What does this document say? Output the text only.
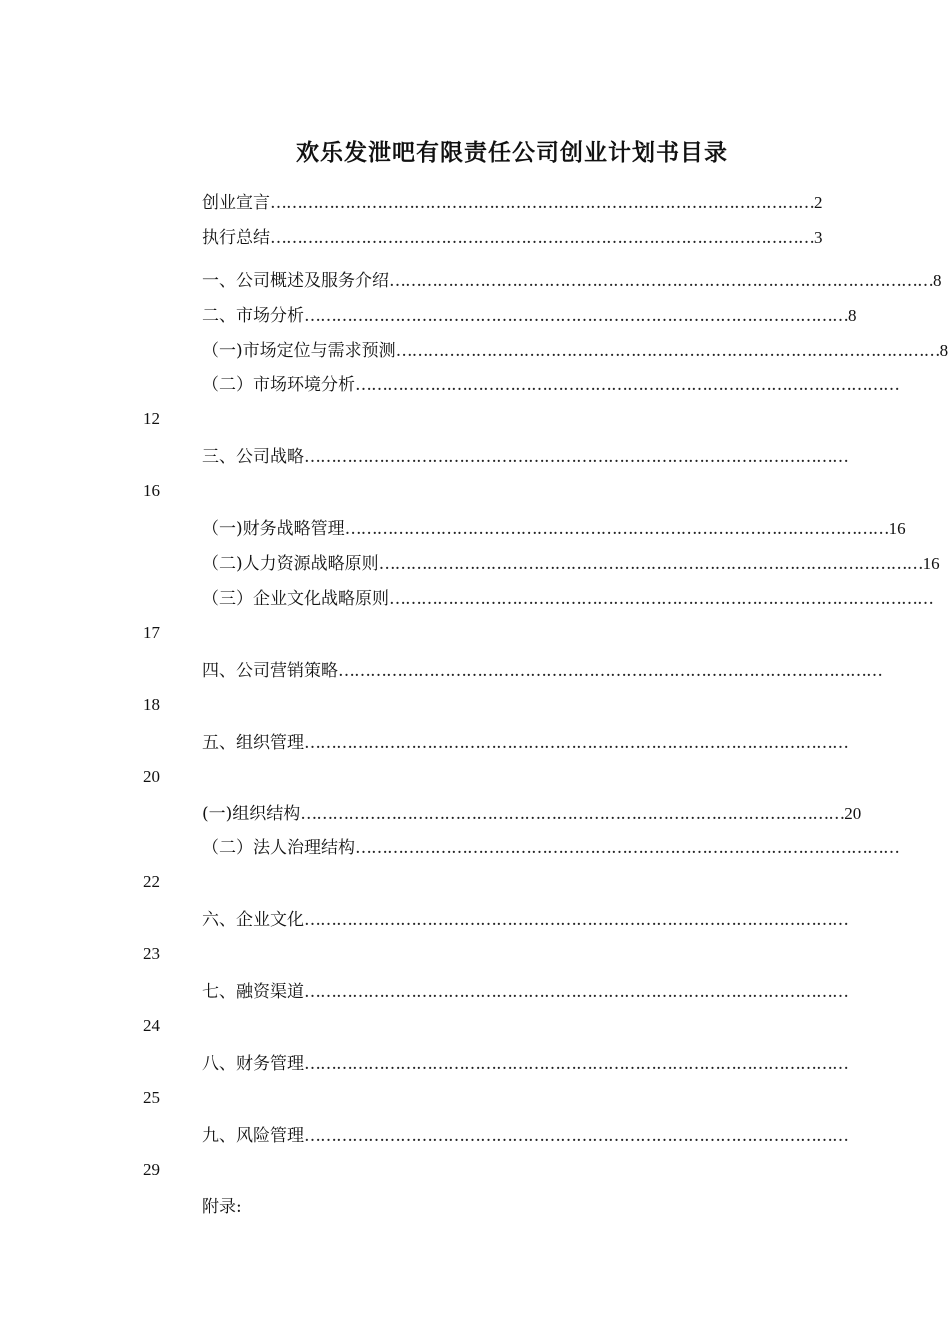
欢乐发泄吧有限责任公司创业计划书目录
创业宣言 ………………………………………………………………………………………… 2
执行总结 ………………………………………………………………………………………… 3
一、公司概述及服务介绍 ………………………………………………………………………………………… 8
二、市场分析 ………………………………………………………………………………………… 8
（一)市场定位与需求预测 ………………………………………………………………………………………… 8
（二）市场环境分析 …………………………………………………………………………………………
12
三、公司战略 …………………………………………………………………………………………
16
（一)财务战略管理 ………………………………………………………………………………………… 16
（二)人力资源战略原则 ………………………………………………………………………………………… 16
（三）企业文化战略原则 …………………………………………………………………………………………
17
四、公司营销策略 …………………………………………………………………………………………
18
五、组织管理 …………………………………………………………………………………………
20
(一)组织结构 ………………………………………………………………………………………… 20
（二）法人治理结构 …………………………………………………………………………………………
22
六、企业文化 …………………………………………………………………………………………
23
七、融资渠道 …………………………………………………………………………………………
24
八、财务管理 …………………………………………………………………………………………
25
九、风险管理 …………………………………………………………………………………………
29
附录:
